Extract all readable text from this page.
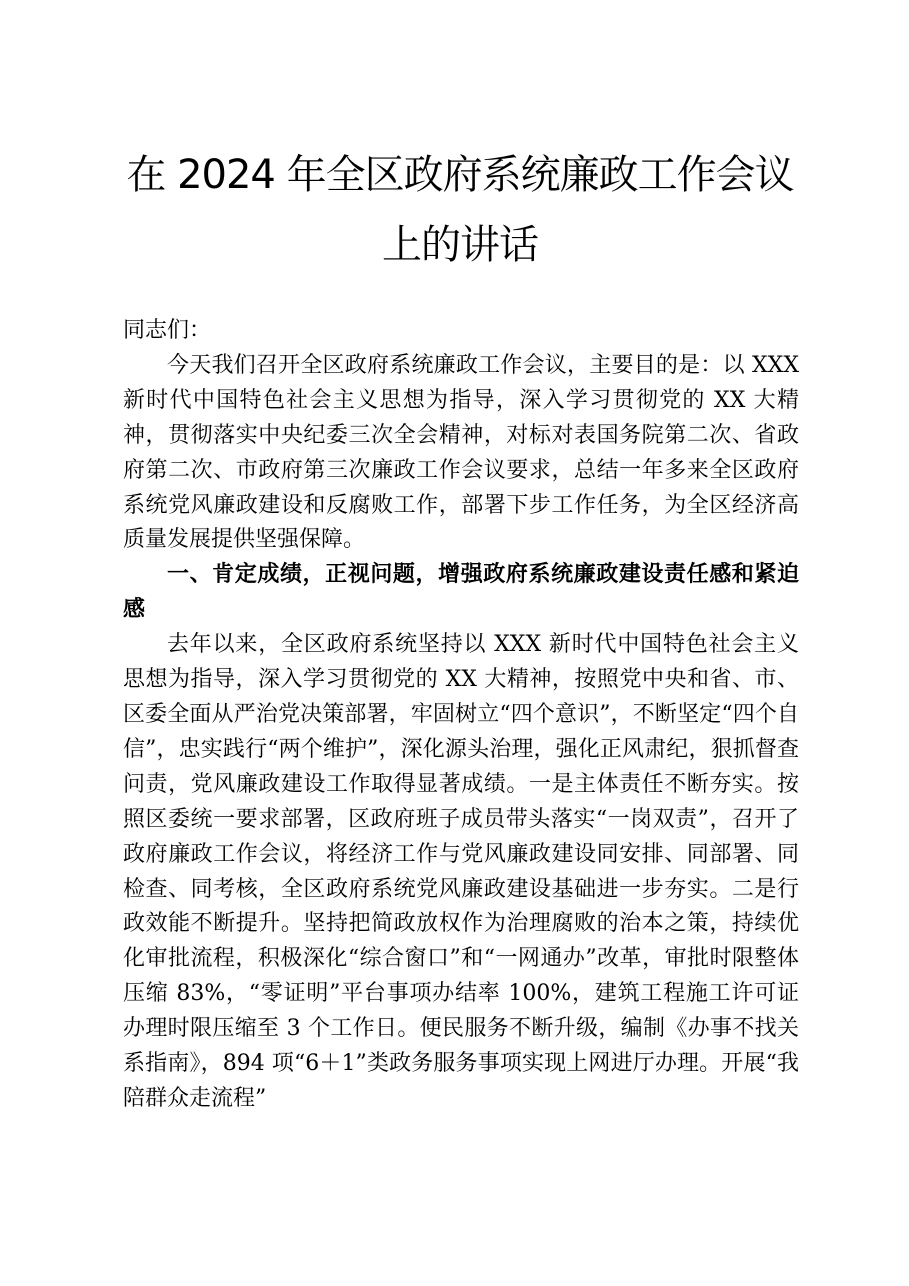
在 2024 年全区政府系统廉政工作会议上的讲话

同志们：

今天我们召开全区政府系统廉政工作会议，主要目的是：以 XXX 新时代中国特色社会主义思想为指导，深入学习贯彻党的 XX 大精神，贯彻落实中央纪委三次全会精神，对标对表国务院第二次、省政府第二次、市政府第三次廉政工作会议要求，总结一年多来全区政府系统党风廉政建设和反腐败工作，部署下步工作任务，为全区经济高质量发展提供坚强保障。

一、肯定成绩，正视问题，增强政府系统廉政建设责任感和紧迫感

去年以来，全区政府系统坚持以 XXX 新时代中国特色社会主义思想为指导，深入学习贯彻党的 XX 大精神，按照党中央和省、市、区委全面从严治党决策部署，牢固树立“四个意识”，不断坚定“四个自信”，忠实践行“两个维护”，深化源头治理，强化正风肃纪，狠抓督查问责，党风廉政建设工作取得显著成绩。一是主体责任不断夯实。按照区委统一要求部署，区政府班子成员带头落实“一岗双责”，召开了政府廉政工作会议，将经济工作与党风廉政建设同安排、同部署、同检查、同考核，全区政府系统党风廉政建设基础进一步夯实。二是行政效能不断提升。坚持把简政放权作为治理腐败的治本之策，持续优化审批流程，积极深化“综合窗口”和“一网通办”改革，审批时限整体压缩 83%，“零证明”平台事项办结率 100%，建筑工程施工许可证办理时限压缩至 3 个工作日。便民服务不断升级，编制《办事不找关系指南》，894 项“6＋1”类政务服务事项实现上网进厅办理。开展“我陪群众走流程”
